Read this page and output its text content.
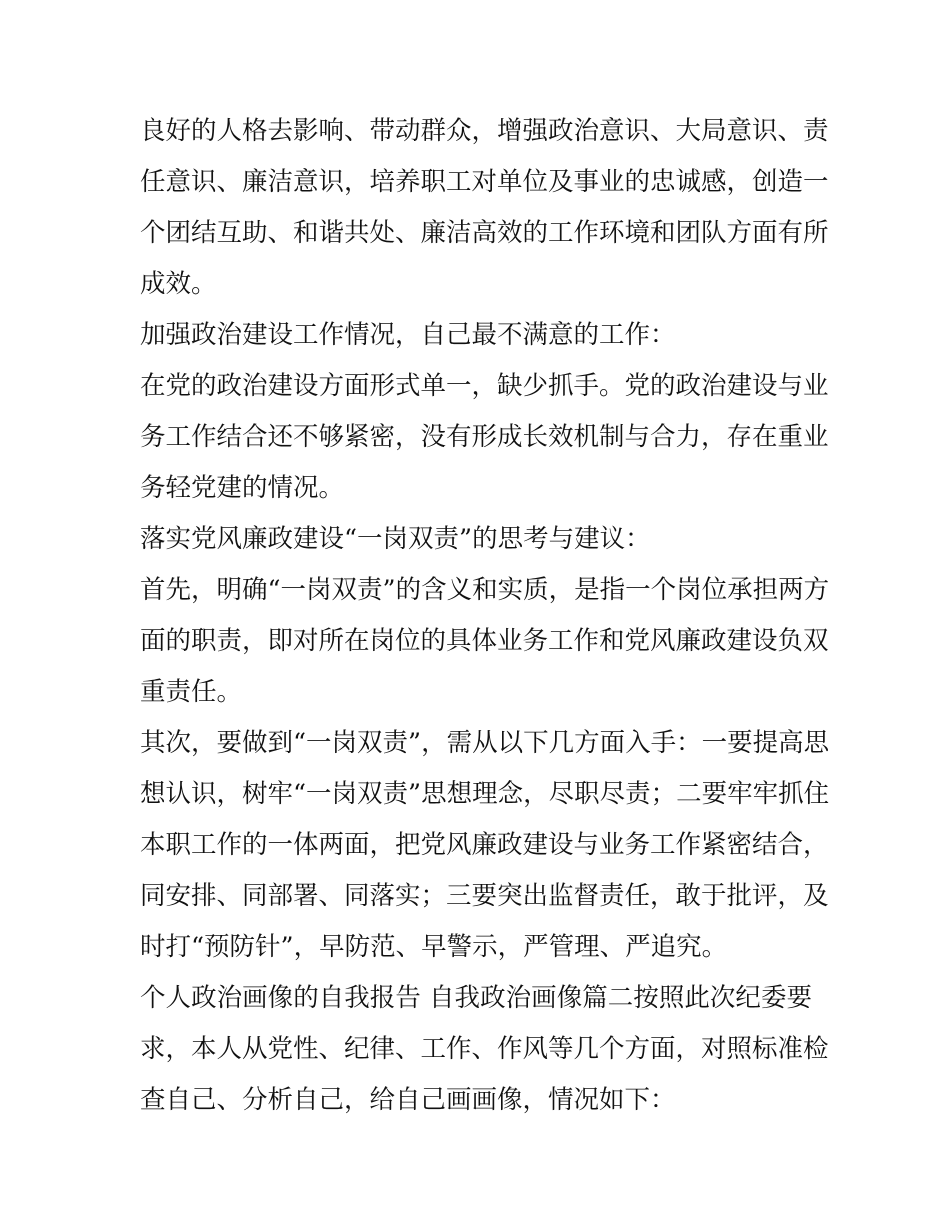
良好的人格去影响、带动群众，增强政治意识、大局意识、责
任意识、廉洁意识，培养职工对单位及事业的忠诚感，创造一
个团结互助、和谐共处、廉洁高效的工作环境和团队方面有所
成效。
加强政治建设工作情况，自己最不满意的工作：
在党的政治建设方面形式单一，缺少抓手。党的政治建设与业
务工作结合还不够紧密，没有形成长效机制与合力，存在重业
务轻党建的情况。
落实党风廉政建设“一岗双责”的思考与建议：
首先，明确“一岗双责”的含义和实质，是指一个岗位承担两方
面的职责，即对所在岗位的具体业务工作和党风廉政建设负双
重责任。
其次，要做到“一岗双责”，需从以下几方面入手：一要提高思
想认识，树牢“一岗双责”思想理念，尽职尽责；二要牢牢抓住
本职工作的一体两面，把党风廉政建设与业务工作紧密结合，
同安排、同部署、同落实；三要突出监督责任，敢于批评，及
时打“预防针”，早防范、早警示，严管理、严追究。
个人政治画像的自我报告 自我政治画像篇二按照此次纪委要
求，本人从党性、纪律、工作、作风等几个方面，对照标准检
查自己、分析自己，给自己画画像，情况如下：
